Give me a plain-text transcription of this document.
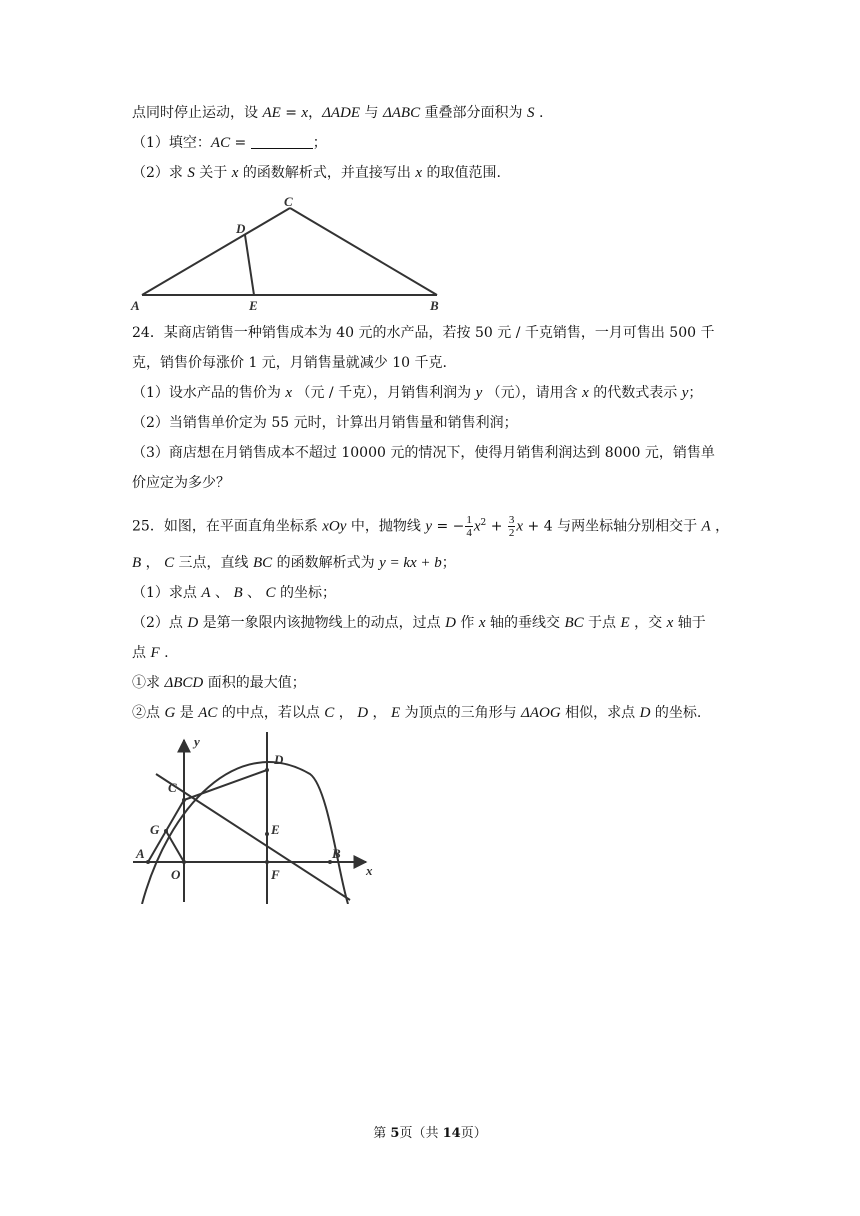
点同时停止运动，设 AE = x，ΔADE 与 ΔABC 重叠部分面积为 S .
（1）填空：AC =	；
（2）求 S 关于 x 的函数解析式，并直接写出 x 的取值范围.
C
D
A	E	B
24．某商店销售一种销售成本为 40 元的水产品，若按 50 元 / 千克销售，一月可售出 500 千
克，销售价每涨价 1 元，月销售量就减少 10 千克.
（1）设水产品的售价为 x （元 / 千克），月销售利润为 y （元），请用含 x 的代数式表示 y；
（2）当销售单价定为 55 元时，计算出月销售量和销售利润；
（3）商店想在月销售成本不超过 10000 元的情况下，使得月销售利润达到 8000 元，销售单
价应定为多少？
25．如图，在平面直角坐标系 xOy 中，抛物线 y = − $\frac{1}{4} x^2 + \frac{3}{2}$ x + 4 与两坐标轴分别相交于 A ，
B ， C 三点，直线 BC 的函数解析式为 y = kx + b；
（1）求点 A 、 B 、 C 的坐标；
（2）点 D 是第一象限内该抛物线上的动点，过点 D 作 x 轴的垂线交 BC 于点 E ，交 x 轴于
点 F .
①求 ΔBCD 面积的最大值；
②点 G 是 AC 的中点，若以点 C ， D ， E 为顶点的三角形与 ΔAOG 相似，求点 D 的坐标.
y
x
D
C
G	E
A	B
O	F
第 5页（共 14页）
